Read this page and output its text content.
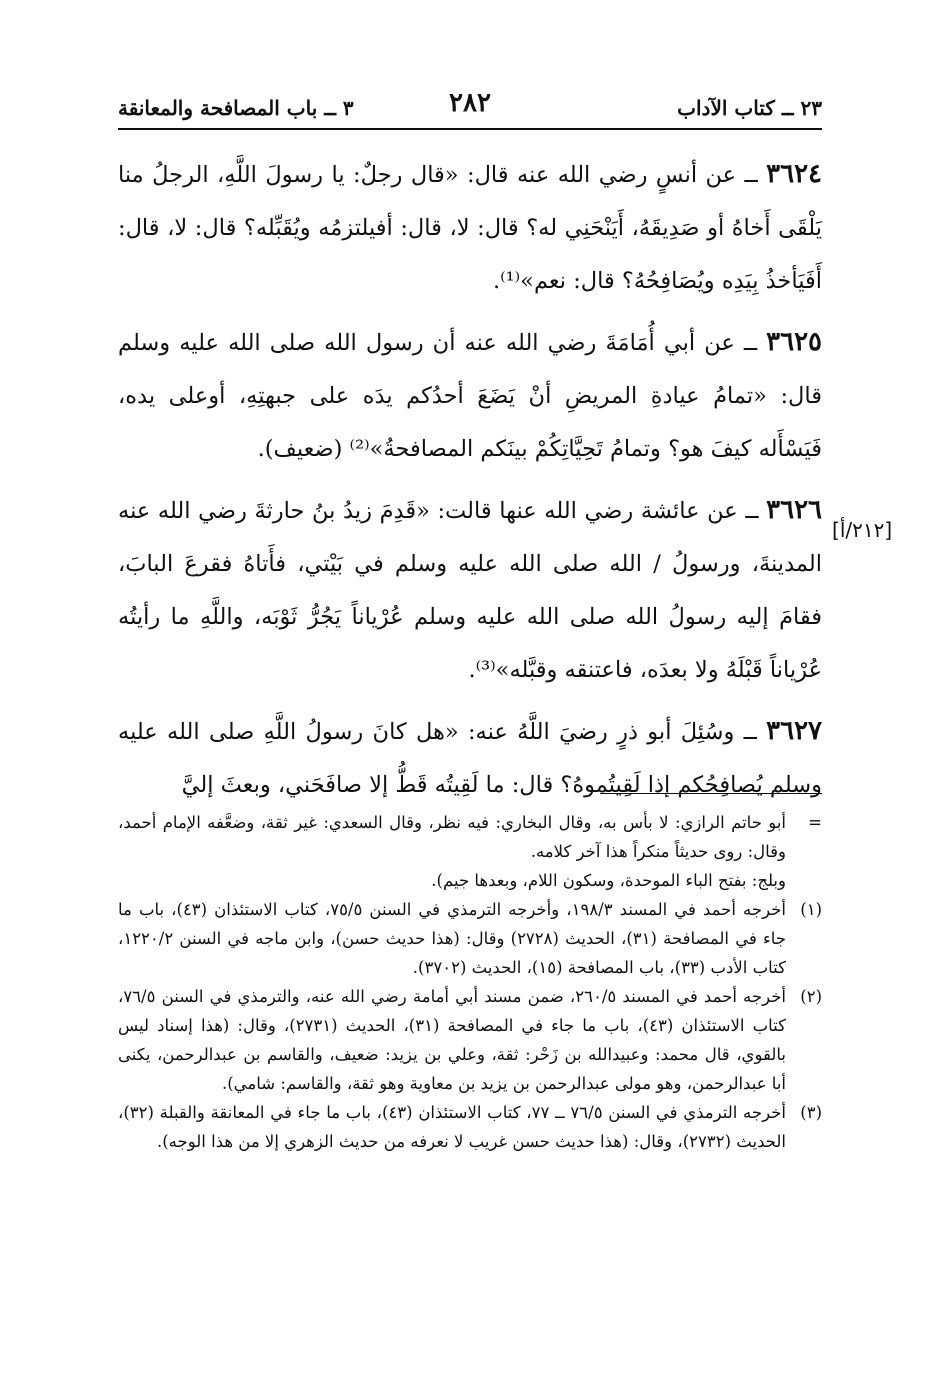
٢٣ ــ كتاب الآداب
٢٨٢
٣ ــ باب المصافحة والمعانقة

٣٦٢٤ ــ عن أنسٍ رضي الله عنه قال: «قال رجلٌ: يا رسولَ اللَّهِ، الرجلُ منا يَلْقَى أَخاهُ أو صَدِيقَهُ، أَيَنْحَنِي له؟ قال: لا، قال: أفيلتزمُه ويُقَبِّله؟ قال: لا، قال: أَفَيَأخذُ بِيَدِه ويُصَافِحُهُ؟ قال: نعم»⁽¹⁾.

٣٦٢٥ ــ عن أبي أُمَامَةَ رضي الله عنه أن رسول الله صلى الله عليه وسلم قال: «تمامُ عيادةِ المريضِ أنْ يَضَعَ أحدُكم يدَه على جبهتِهِ، أوعلى يده، فَيَسْأَله كيفَ هو؟ وتمامُ تَحِيَّاتِكُمْ بينَكم المصافحةُ»⁽²⁾ (ضعيف).

٣٦٢٦ ــ عن عائشة رضي الله عنها قالت: «قَدِمَ زيدُ بنُ حارثةَ رضي الله عنه المدينةَ، ورسولُ / الله صلى الله عليه وسلم في بَيْتي، فأَتاهُ فقرعَ البابَ، فقامَ إليه رسولُ الله صلى الله عليه وسلم عُرْياناً يَجُرُّ ثَوْبَه، واللَّهِ ما رأيتُه عُرْياناً قَبْلَهُ ولا بعدَه، فاعتنقه وقبَّله»⁽³⁾.

٣٦٢٧ ــ وسُئِلَ أبو ذرٍ رضيَ اللَّهُ عنه: «هل كانَ رسولُ اللَّهِ صلى الله عليه وسلم يُصافِحُكم إذا لَقِيتُموهُ؟ قال: ما لَقِيتُه قَطُّ إلا صافَحَني، وبعثَ إليَّ

[٢١٢/أ]

=
أبو حاتم الرازي: لا بأس به، وقال البخاري: فيه نظر، وقال السعدي: غير ثقة، وضعَّفه الإمام أحمد، وقال: روى حديثاً منكراً هذا آخر كلامه.

وبلج: بفتح الباء الموحدة، وسكون اللام، وبعدها جيم).

(١)
أخرجه أحمد في المسند ١٩٨/٣، وأخرجه الترمذي في السنن ٧٥/٥، كتاب الاستئذان (٤٣)، باب ما جاء في المصافحة (٣١)، الحديث (٢٧٢٨) وقال: (هذا حديث حسن)، وابن ماجه في السنن ١٢٢٠/٢، كتاب الأدب (٣٣)، باب المصافحة (١٥)، الحديث (٣٧٠٢).

(٢)
أخرجه أحمد في المسند ٢٦٠/٥، ضمن مسند أبي أمامة رضي الله عنه، والترمذي في السنن ٧٦/٥، كتاب الاستئذان (٤٣)، باب ما جاء في المصافحة (٣١)، الحديث (٢٧٣١)، وقال: (هذا إسناد ليس بالقوي، قال محمد: وعبيدالله بن زَحْر: ثقة، وعلي بن يزيد: ضعيف، والقاسم بن عبدالرحمن، يكنى أبا عبدالرحمن، وهو مولى عبدالرحمن بن يزيد بن معاوية وهو ثقة، والقاسم: شامي).

(٣)
أخرجه الترمذي في السنن ٧٦/٥ ــ ٧٧، كتاب الاستئذان (٤٣)، باب ما جاء في المعانقة والقبلة (٣٢)، الحديث (٢٧٣٢)، وقال: (هذا حديث حسن غريب لا نعرفه من حديث الزهري إلا من هذا الوجه).
